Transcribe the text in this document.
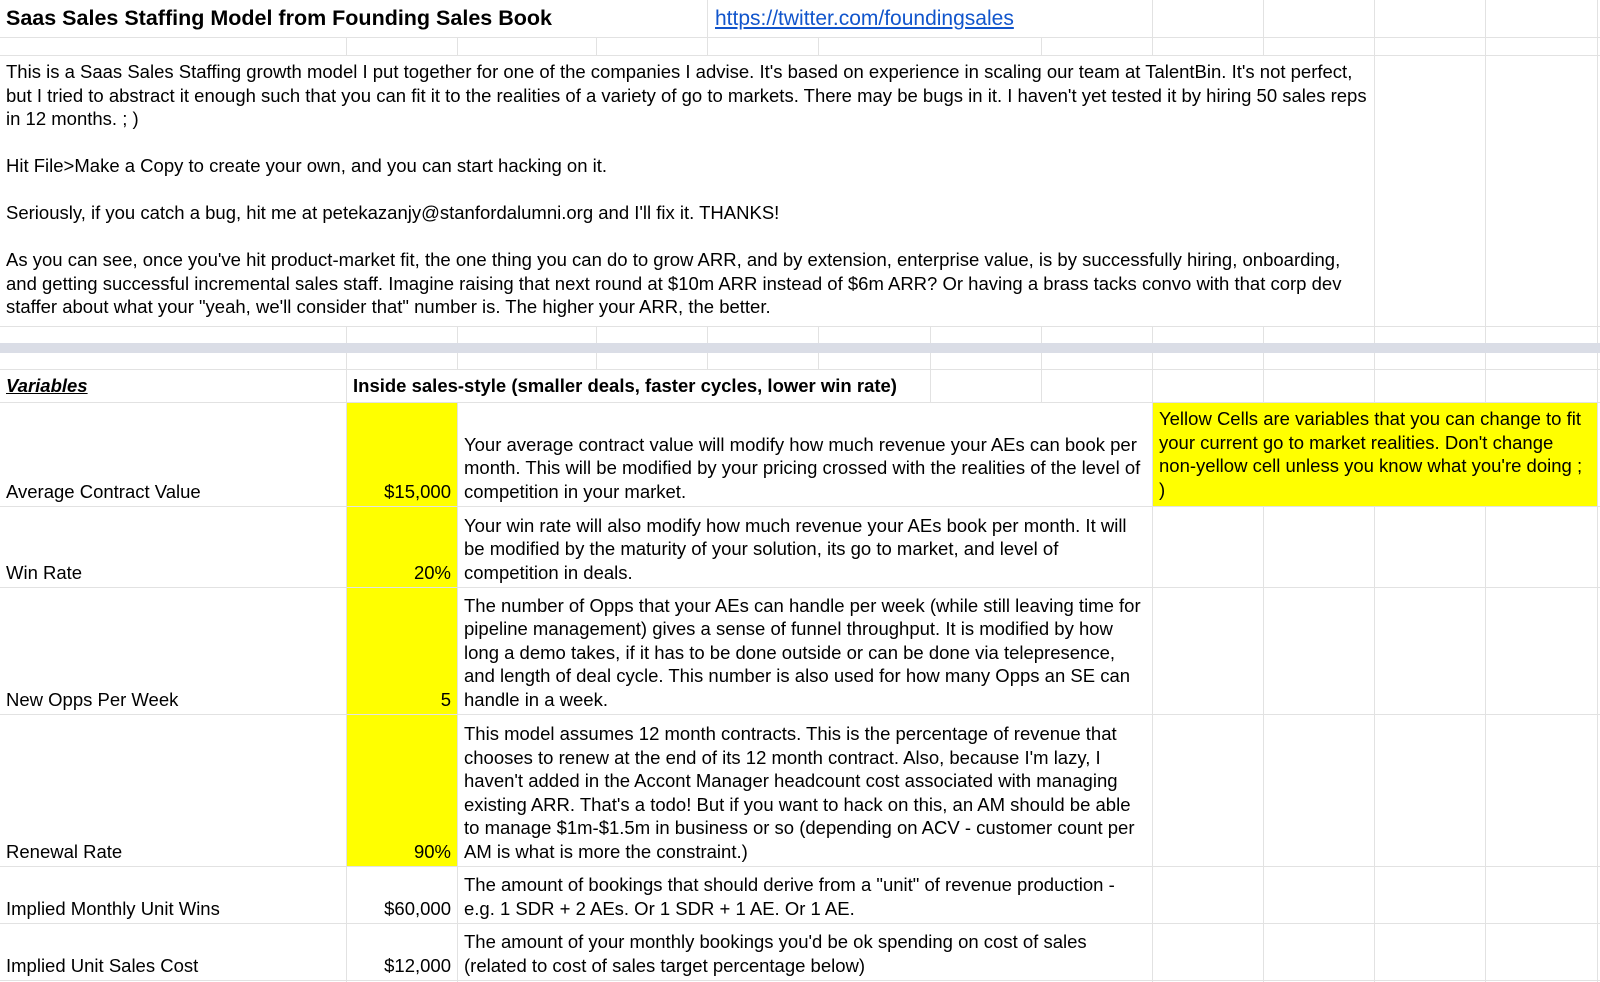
Saas Sales Staffing Model from Founding Sales Book	https://twitter.com/foundingsales

This is a Saas Sales Staffing growth model I put together for one of the companies I advise. It's based on experience in scaling our team at TalentBin. It's not perfect, but I tried to abstract it enough such that you can fit it to the realities of a variety of go to markets. There may be bugs in it. I haven't yet tested it by hiring 50 sales reps in 12 months. ; )

Hit File>Make a Copy to create your own, and you can start hacking on it.

Seriously, if you catch a bug, hit me at petekazanjy@stanfordalumni.org and I'll fix it. THANKS!

As you can see, once you've hit product-market fit, the one thing you can do to grow ARR, and by extension, enterprise value, is by successfully hiring, onboarding, and getting successful incremental sales staff. Imagine raising that next round at $10m ARR instead of $6m ARR? Or having a brass tacks convo with that corp dev staffer about what your "yeah, we'll consider that" number is. The higher your ARR, the better.

Variables	Inside sales-style (smaller deals, faster cycles, lower win rate)
Average Contract Value	$15,000
Your average contract value will modify how much revenue your AEs can book per month. This will be modified by your pricing crossed with the realities of the level of competition in your market.
Yellow Cells are variables that you can change to fit your current go to market realities. Don't change non-yellow cell unless you know what you're doing ; )
Win Rate	20%
Your win rate will also modify how much revenue your AEs book per month. It will be modified by the maturity of your solution, its go to market, and level of competition in deals.
New Opps Per Week	5
The number of Opps that your AEs can handle per week (while still leaving time for pipeline management) gives a sense of funnel throughput. It is modified by how long a demo takes, if it has to be done outside or can be done via telepresence, and length of deal cycle. This number is also used for how many Opps an SE can handle in a week.
Renewal Rate	90%
This model assumes 12 month contracts. This is the percentage of revenue that chooses to renew at the end of its 12 month contract. Also, because I'm lazy, I haven't added in the Accont Manager headcount cost associated with managing existing ARR. That's a todo! But if you want to hack on this, an AM should be able to manage $1m-$1.5m in business or so (depending on ACV - customer count per AM is what is more the constraint.)
Implied Monthly Unit Wins	$60,000
The amount of bookings that should derive from a "unit" of revenue production - e.g. 1 SDR + 2 AEs. Or 1 SDR + 1 AE. Or 1 AE.
Implied Unit Sales Cost	$12,000
The amount of your monthly bookings you'd be ok spending on cost of sales (related to cost of sales target percentage below)
